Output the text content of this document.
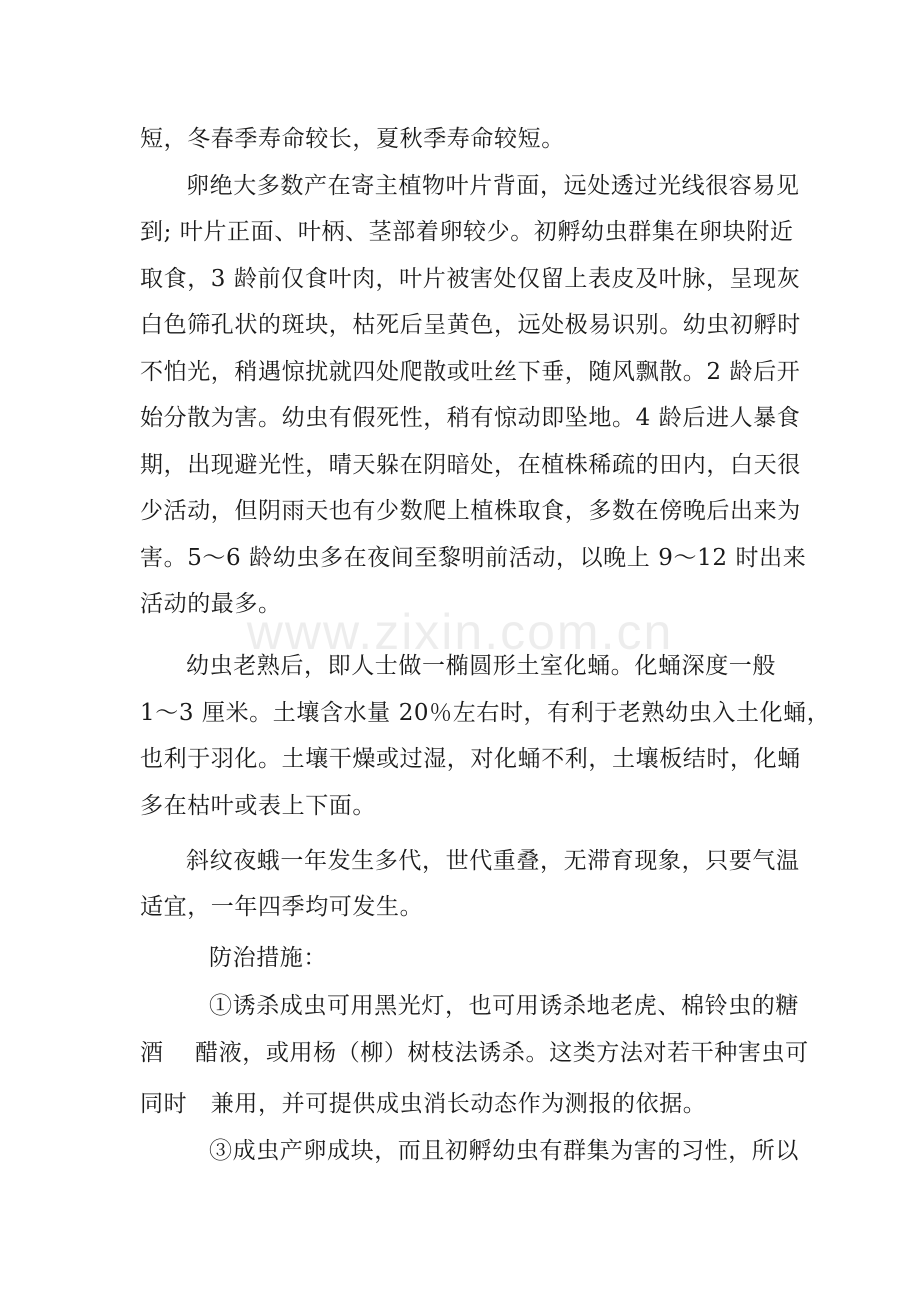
短，冬春季寿命较长，夏秋季寿命较短。
卵绝大多数产在寄主植物叶片背面，远处透过光线很容易见
到; 叶片正面、叶柄、茎部着卵较少。初孵幼虫群集在卵块附近
取食，3 龄前仅食叶肉，叶片被害处仅留上表皮及叶脉，呈现灰
白色筛孔状的斑块，枯死后呈黄色，远处极易识别。幼虫初孵时
不怕光，稍遇惊扰就四处爬散或吐丝下垂，随风飘散。2 龄后开
始分散为害。幼虫有假死性，稍有惊动即坠地。4 龄后进人暴食
期，出现避光性，晴天躲在阴暗处，在植株稀疏的田内，白天很
少活动，但阴雨天也有少数爬上植株取食，多数在傍晚后出来为
害。5～6 龄幼虫多在夜间至黎明前活动，以晚上 9～12 时出来
活动的最多。
幼虫老熟后，即人士做一椭圆形土室化蛹。化蛹深度一般
1～3 厘米。土壤含水量 20％左右时，有利于老熟幼虫入土化蛹，
也利于羽化。土壤干燥或过湿，对化蛹不利，土壤板结时，化蛹
多在枯叶或表上下面。
斜纹夜蛾一年发生多代，世代重叠，无滞育现象，只要气温
适宜，一年四季均可发生。
防治措施：
①诱杀成虫可用黑光灯，也可用诱杀地老虎、棉铃虫的糖
酒　 醋液，或用杨（柳）树枝法诱杀。这类方法对若干种害虫可
同时　兼用，并可提供成虫消长动态作为测报的依据。
③成虫产卵成块，而且初孵幼虫有群集为害的习性，所以
www.zixin.com.cn
